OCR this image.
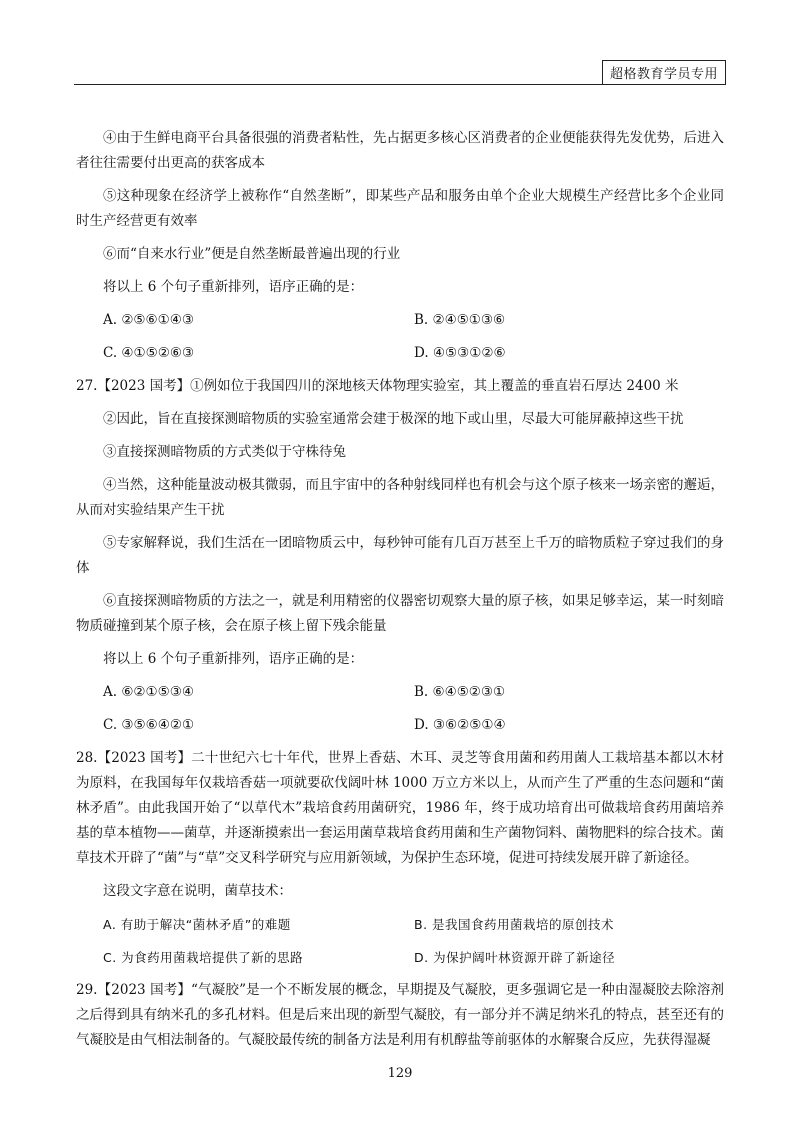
超格教育学员专用

④由于生鲜电商平台具备很强的消费者粘性，先占据更多核心区消费者的企业便能获得先发优势，后进入者往往需要付出更高的获客成本

⑤这种现象在经济学上被称作“自然垄断”，即某些产品和服务由单个企业大规模生产经营比多个企业同时生产经营更有效率

⑥而“自来水行业”便是自然垄断最普遍出现的行业

将以上 6 个句子重新排列，语序正确的是：

A. ②⑤⑥①④③	B. ②④⑤①③⑥
C. ④①⑤②⑥③	D. ④⑤③①②⑥

27.【2023 国考】①例如位于我国四川的深地核天体物理实验室，其上覆盖的垂直岩石厚达 2400 米

②因此，旨在直接探测暗物质的实验室通常会建于极深的地下或山里，尽最大可能屏蔽掉这些干扰

③直接探测暗物质的方式类似于守株待兔

④当然，这种能量波动极其微弱，而且宇宙中的各种射线同样也有机会与这个原子核来一场亲密的邂逅，从而对实验结果产生干扰

⑤专家解释说，我们生活在一团暗物质云中，每秒钟可能有几百万甚至上千万的暗物质粒子穿过我们的身体

⑥直接探测暗物质的方法之一，就是利用精密的仪器密切观察大量的原子核，如果足够幸运，某一时刻暗物质碰撞到某个原子核，会在原子核上留下残余能量

将以上 6 个句子重新排列，语序正确的是：

A. ⑥②①⑤③④	B. ⑥④⑤②③①
C. ③⑤⑥④②①	D. ③⑥②⑤①④

28.【2023 国考】二十世纪六七十年代，世界上香菇、木耳、灵芝等食用菌和药用菌人工栽培基本都以木材为原料，在我国每年仅栽培香菇一项就要砍伐阔叶林 1000 万立方米以上，从而产生了严重的生态问题和“菌林矛盾”。由此我国开始了“以草代木”栽培食药用菌研究，1986 年，终于成功培育出可做栽培食药用菌培养基的草本植物——菌草，并逐渐摸索出一套运用菌草栽培食药用菌和生产菌物饲料、菌物肥料的综合技术。菌草技术开辟了“菌”与“草”交叉科学研究与应用新领域，为保护生态环境，促进可持续发展开辟了新途径。

这段文字意在说明，菌草技术：

A. 有助于解决“菌林矛盾”的难题	B. 是我国食药用菌栽培的原创技术
C. 为食药用菌栽培提供了新的思路	D. 为保护阔叶林资源开辟了新途径

29.【2023 国考】“气凝胶”是一个不断发展的概念，早期提及气凝胶，更多强调它是一种由湿凝胶去除溶剂之后得到具有纳米孔的多孔材料。但是后来出现的新型气凝胶，有一部分并不满足纳米孔的特点，甚至还有的气凝胶是由气相法制备的。气凝胶最传统的制备方法是利用有机醇盐等前驱体的水解聚合反应，先获得湿凝

129
